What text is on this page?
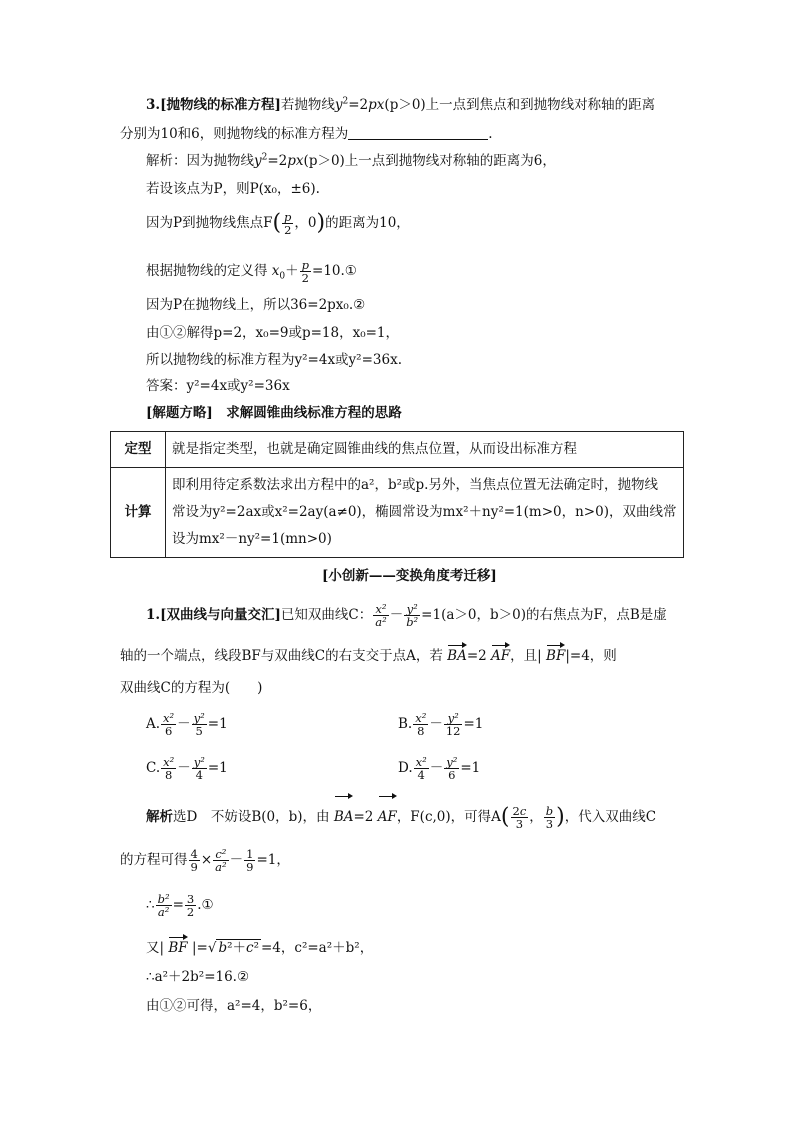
3.[抛物线的标准方程]若抛物线$y^2=2px(p>0)$上一点到焦点和到抛物线对称轴的距离
分别为10和6，则抛物线的标准方程为	.
解析：因为抛物线$y^2=2px(p>0)$上一点到抛物线对称轴的距离为6，
若设该点为P，则P(x₀，±6).
因为P到抛物线焦点$F( \frac{p}{2}$ ，0)的距离为10，
根据抛物线的定义得 $x_0+ \frac{p}{2}$ =10.①
因为P在抛物线上，所以36=2px₀.②
由①②解得p=2，x₀=9或p=18，x₀=1，
所以抛物线的标准方程为y²=4x或y²=36x.
答案：y²=4x或y²=36x
[解题方略]　求解圆锥曲线标准方程的思路
定型	就是指定类型，也就是确定圆锥曲线的焦点位置，从而设出标准方程
计算	即利用待定系数法求出方程中的a²，b²或p.另外，当焦点位置无法确定时，抛物线
常设为y²=2ax或x²=2ay(a≠0)，椭圆常设为mx²＋ny²=1(m>0，n>0)，双曲线常
设为mx²－ny²=1(mn>0)
[小创新——变换角度考迁移]
1.[双曲线与向量交汇]已知双曲线C： $\frac{\text{x²}}{\text{a²}} - \frac{\text{y²}}{\text{b²}} =1(a>0$，b＞0)的右焦点为F，点B是虚
轴的一个端点，线段BF与双曲线C的右支交于点A，若 BA=2 AF，且| BF|=4，则
双曲线C的方程为(　　)
A. $\frac{\text{x²}}{6} - \frac{\text{y²}}{5} =1$	B. $\frac{\text{x²}}{8} - \frac{\text{y²}}{12} =1$
C. $\frac{\text{x²}}{8} - \frac{\text{y²}}{4} =1$	D. $\frac{\text{x²}}{4} - \frac{\text{y²}}{6} =1$
解析选D　不妨设B(0，b)，由 BA=2 AF，F(c,0)，可得$A( \frac{2c}{3}$ ， $\frac{b}{3}$ )，代入双曲线C
的方程可得 $\frac{4}{9} \times \frac{\text{c²}}{\text{a²}} - \frac{1}{9} =1$，
∴ $\frac{\text{b²}}{\text{a²}} = \frac{3}{2}$ .①
又| BF |=√ b²＋c² =4，c²=a²＋b²，
∴a²＋2b²=16.②
由①②可得，a²=4，b²=6，
